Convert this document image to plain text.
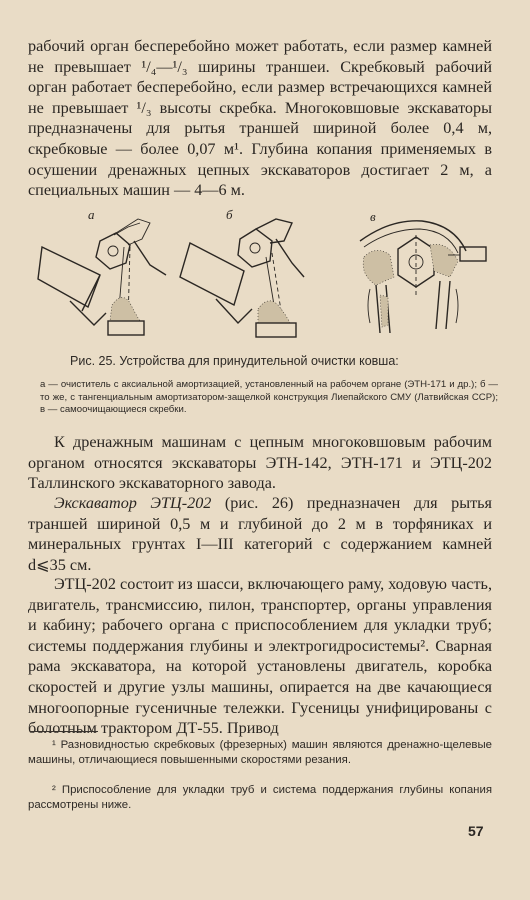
рабочий орган бесперебойно может работать, если размер камней не превышает ¹/₄—¹/₃ ширины траншеи. Скребковый рабочий орган работает бесперебойно, если размер встречающихся камней не превышает ¹/₃ высоты скребка. Многоковшовые экскаваторы предназначены для рытья траншей шириной более 0,4 м, скребковые — более 0,07 м¹. Глубина копания применяемых в осушении дренажных цепных экскаваторов достигает 2 м, а специальных машин — 4—6 м.

а	б	в
Рис. 25. Устройства для принудительной очистки ковша:
а — очиститель с аксиальной амортизацией, установленный на рабочем органе (ЭТН-171 и др.); б — то же, с тангенциальным амортизатором-защелкой конструкция Лиепайского СМУ (Латвийская ССР); в — самоочищающиеся скребки.

К дренажным машинам с цепным многоковшовым рабочим органом относятся экскаваторы ЭТН-142, ЭТН-171 и ЭТЦ-202 Таллинского экскаваторного завода.

Экскаватор ЭТЦ-202 (рис. 26) предназначен для рытья траншей шириной 0,5 м и глубиной до 2 м в торфяниках и минеральных грунтах I—III категорий с содержанием камней d⩽35 см.

ЭТЦ-202 состоит из шасси, включающего раму, ходовую часть, двигатель, трансмиссию, пилон, транспортер, органы управления и кабину; рабочего органа с приспособлением для укладки труб; системы поддержания глубины и электрогидросистемы². Сварная рама экскаватора, на которой установлены двигатель, коробка скоростей и другие узлы машины, опирается на две качающиеся многоопорные гусеничные тележки. Гусеницы унифицированы с болотным трактором ДТ-55. Привод

¹ Разновидностью скребковых (фрезерных) машин являются дренажно-щелевые машины, отличающиеся повышенными скоростями резания.

² Приспособление для укладки труб и система поддержания глубины копания рассмотрены ниже.

57
